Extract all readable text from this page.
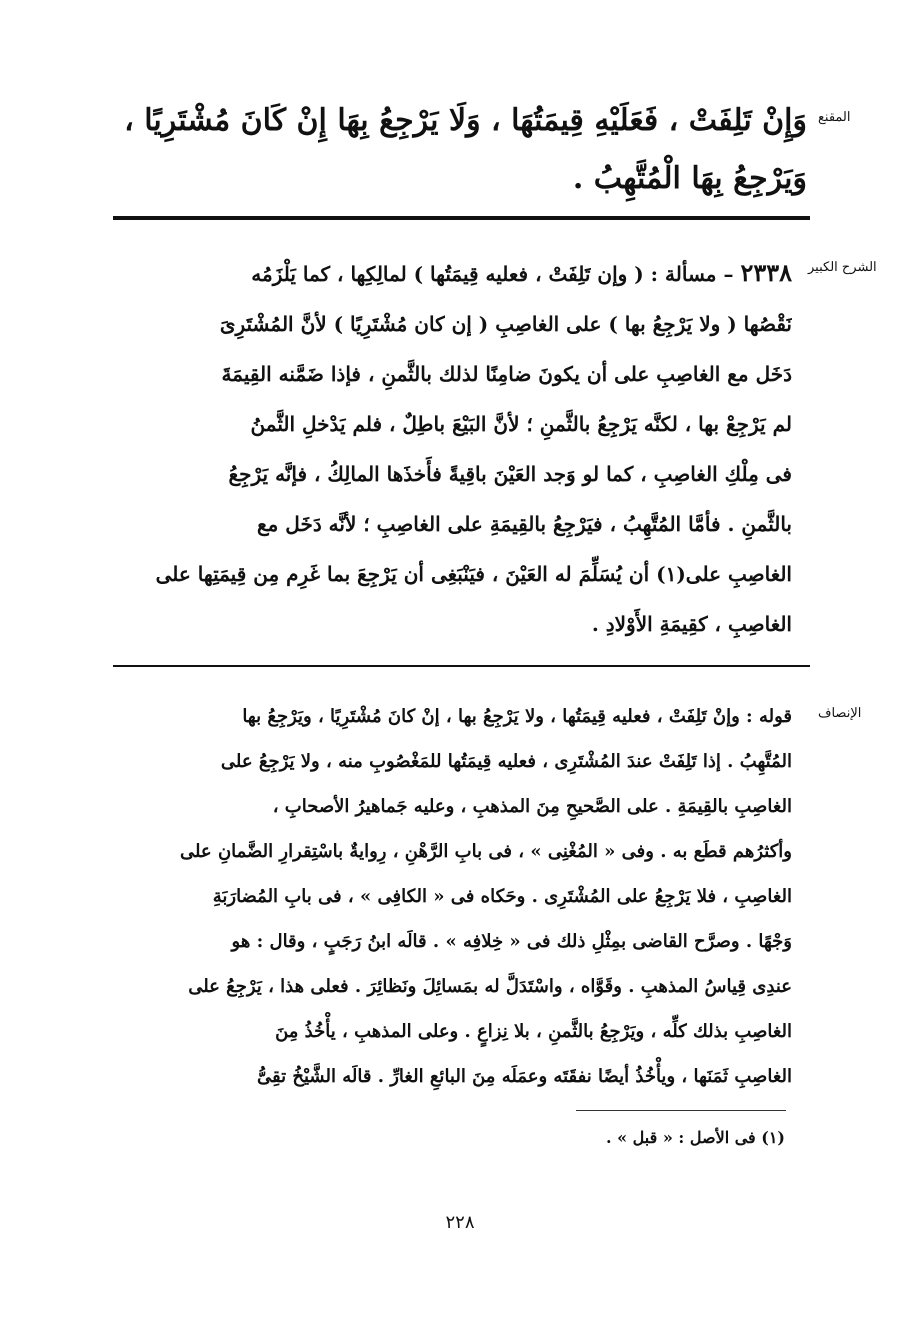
المقنع
وَإِنْ تَلِفَتْ ، فَعَلَيْهِ قِيمَتُهَا ، وَلَا يَرْجِعُ بِهَا إِنْ كَانَ مُشْتَرِيًا ،
وَيَرْجِعُ بِهَا الْمُتَّهِبُ .
الشرح الكبير
٢٣٣٨ – مسألة : ( وإن تَلِفَتْ ، فعليه قِيمَتُها ) لمالِكِها ، كما يَلْزَمُه
نَقْصُها ( ولا يَرْجِعُ بها ) على الغاصِبِ ( إن كان مُشْتَرِيًا ) لأنَّ المُشْتَرِىَ
دَخَل مع الغاصِبِ على أن يكونَ ضامِنًا لذلك بالثَّمنِ ، فإذا ضَمَّنه القِيمَةَ
لم يَرْجِعْ بها ، لكنَّه يَرْجِعُ بالثَّمنِ ؛ لأنَّ البَيْعَ باطِلٌ ، فلم يَدْخلِ الثَّمنُ
فى مِلْكِ الغاصِبِ ، كما لو وَجد العَيْنَ باقِيةً فأَخذَها المالِكُ ، فإنَّه يَرْجِعُ
بالثَّمنِ . فأمَّا المُتَّهِبُ ، فيَرْجِعُ بالقِيمَةِ على الغاصِبِ ؛ لأنَّه دَخَل مع
الغاصِبِ على(١) أن يُسَلِّمَ له العَيْنَ ، فيَنْبَغِى أن يَرْجِعَ بما غَرِم مِن قِيمَتِها على
الغاصِبِ ، كقِيمَةِ الأَوْلادِ .
الإنصاف
قوله : وإنْ تَلِفَتْ ، فعليه قِيمَتُها ، ولا يَرْجِعُ بها ، إنْ كانَ مُشْتَرِيًا ، ويَرْجِعُ بها
المُتَّهِبُ . إذا تَلِفَتْ عندَ المُشْتَرِى ، فعليه قِيمَتُها للمَغْصُوبِ منه ، ولا يَرْجِعُ على
الغاصِبِ بالقِيمَةِ . على الصَّحيحِ مِنَ المذهبِ ، وعليه جَماهيرُ الأصحابِ ،
وأكثرُهم قطَع به . وفى « المُغْنِى » ، فى بابِ الرَّهْنِ ، رِوايةٌ باسْتِقرارِ الضَّمانِ على
الغاصِبِ ، فلا يَرْجِعُ على المُشْتَرِى . وحَكاه فى « الكافِى » ، فى بابِ المُضارَبَةِ
وَجْهًا . وصرَّح القاضى بمِثْلِ ذلك فى « خِلافِه » . قالَه ابنُ رَجَبٍ ، وقال : هو
عندِى قِياسُ المذهبِ . وقَوَّاه ، واسْتَدَلَّ له بمَسائِلَ ونَظائِرَ . فعلى هذا ، يَرْجِعُ على
الغاصِبِ بذلك كلِّه ، ويَرْجِعُ بالثَّمنِ ، بلا نِزاعٍ . وعلى المذهبِ ، يأْخُذُ مِنَ
الغاصِبِ ثَمَنَها ، ويأْخُذُ أيضًا نفقَتَه وعمَلَه مِنَ البائعِ الغارِّ . قالَه الشَّيْخُ تقِىُّ
(١) فى الأصل : « قبل » .
٢٢٨
